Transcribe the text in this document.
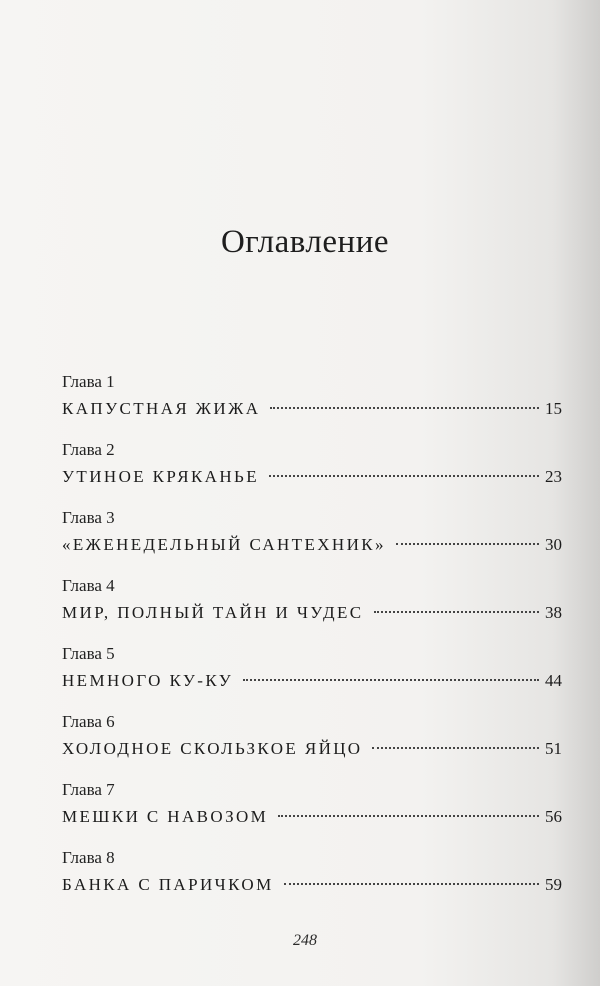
Оглавление
Глава 1
КАПУСТНАЯ ЖИЖА	15
Глава 2
УТИНОЕ КРЯКАНЬЕ	23
Глава 3
«ЕЖЕНЕДЕЛЬНЫЙ САНТЕХНИК»	30
Глава 4
МИР, ПОЛНЫЙ ТАЙН И ЧУДЕС	38
Глава 5
НЕМНОГО КУ-КУ	44
Глава 6
ХОЛОДНОЕ СКОЛЬЗКОЕ ЯЙЦО	51
Глава 7
МЕШКИ С НАВОЗОМ	56
Глава 8
БАНКА С ПАРИЧКОМ	59
248
